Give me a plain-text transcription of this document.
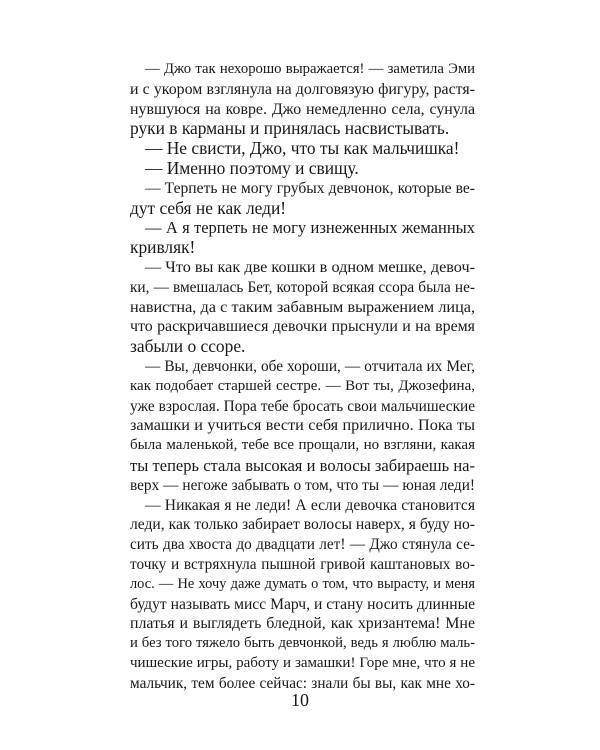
— Джо так нехорошо выражается! — заметила Эми
и с укором взглянула на долговязую фигуру, растя-
нувшуюся на ковре. Джо немедленно села, сунула
руки в карманы и принялась насвистывать.
— Не свисти, Джо, что ты как мальчишка!
— Именно поэтому и свищу.
— Терпеть не могу грубых девчонок, которые ве-
дут себя не как леди!
— А я терпеть не могу изнеженных жеманных
кривляк!
— Что вы как две кошки в одном мешке, девоч-
ки, — вмешалась Бет, которой всякая ссора была не-
навистна, да с таким забавным выражением лица,
что раскричавшиеся девочки прыснули и на время
забыли о ссоре.
— Вы, девчонки, обе хороши, — отчитала их Мег,
как подобает старшей сестре. — Вот ты, Джозефина,
уже взрослая. Пора тебе бросать свои мальчишеские
замашки и учиться вести себя прилично. Пока ты
была маленькой, тебе все прощали, но взгляни, какая
ты теперь стала высокая и волосы забираешь на-
верх — негоже забывать о том, что ты — юная леди!
— Никакая я не леди! А если девочка становится
леди, как только забирает волосы наверх, я буду но-
сить два хвоста до двадцати лет! — Джо стянула се-
точку и встряхнула пышной гривой каштановых во-
лос. — Не хочу даже думать о том, что вырасту, и меня
будут называть мисс Марч, и стану носить длинные
платья и выглядеть бледной, как хризантема! Мне
и без того тяжело быть девчонкой, ведь я люблю маль-
чишеские игры, работу и замашки! Горе мне, что я не
мальчик, тем более сейчас: знали бы вы, как мне хо-
10
